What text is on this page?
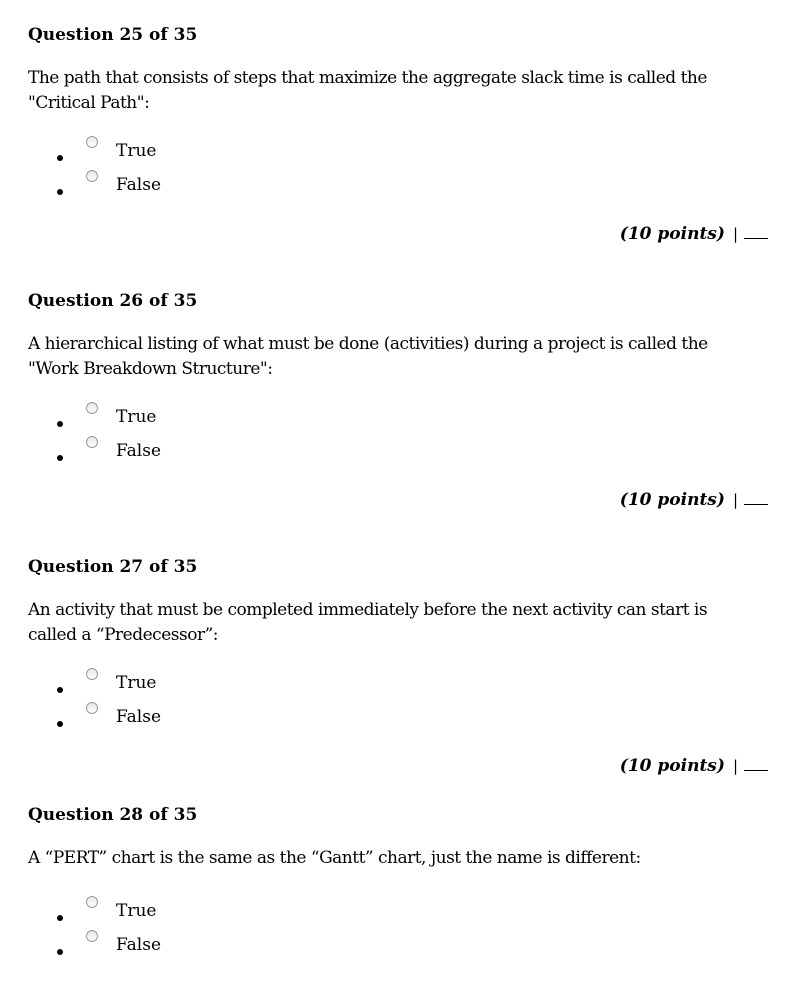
Question 25 of 35
The path that consists of steps that maximize the aggregate slack time is called the "Critical Path":
True
False
(10 points) |
Question 26 of 35
A hierarchical listing of what must be done (activities) during a project is called the "Work Breakdown Structure":
True
False
(10 points) |
Question 27 of 35
An activity that must be completed immediately before the next activity can start is called a “Predecessor”:
True
False
(10 points) |
Question 28 of 35
A “PERT” chart is the same as the “Gantt” chart, just the name is different:
True
False
